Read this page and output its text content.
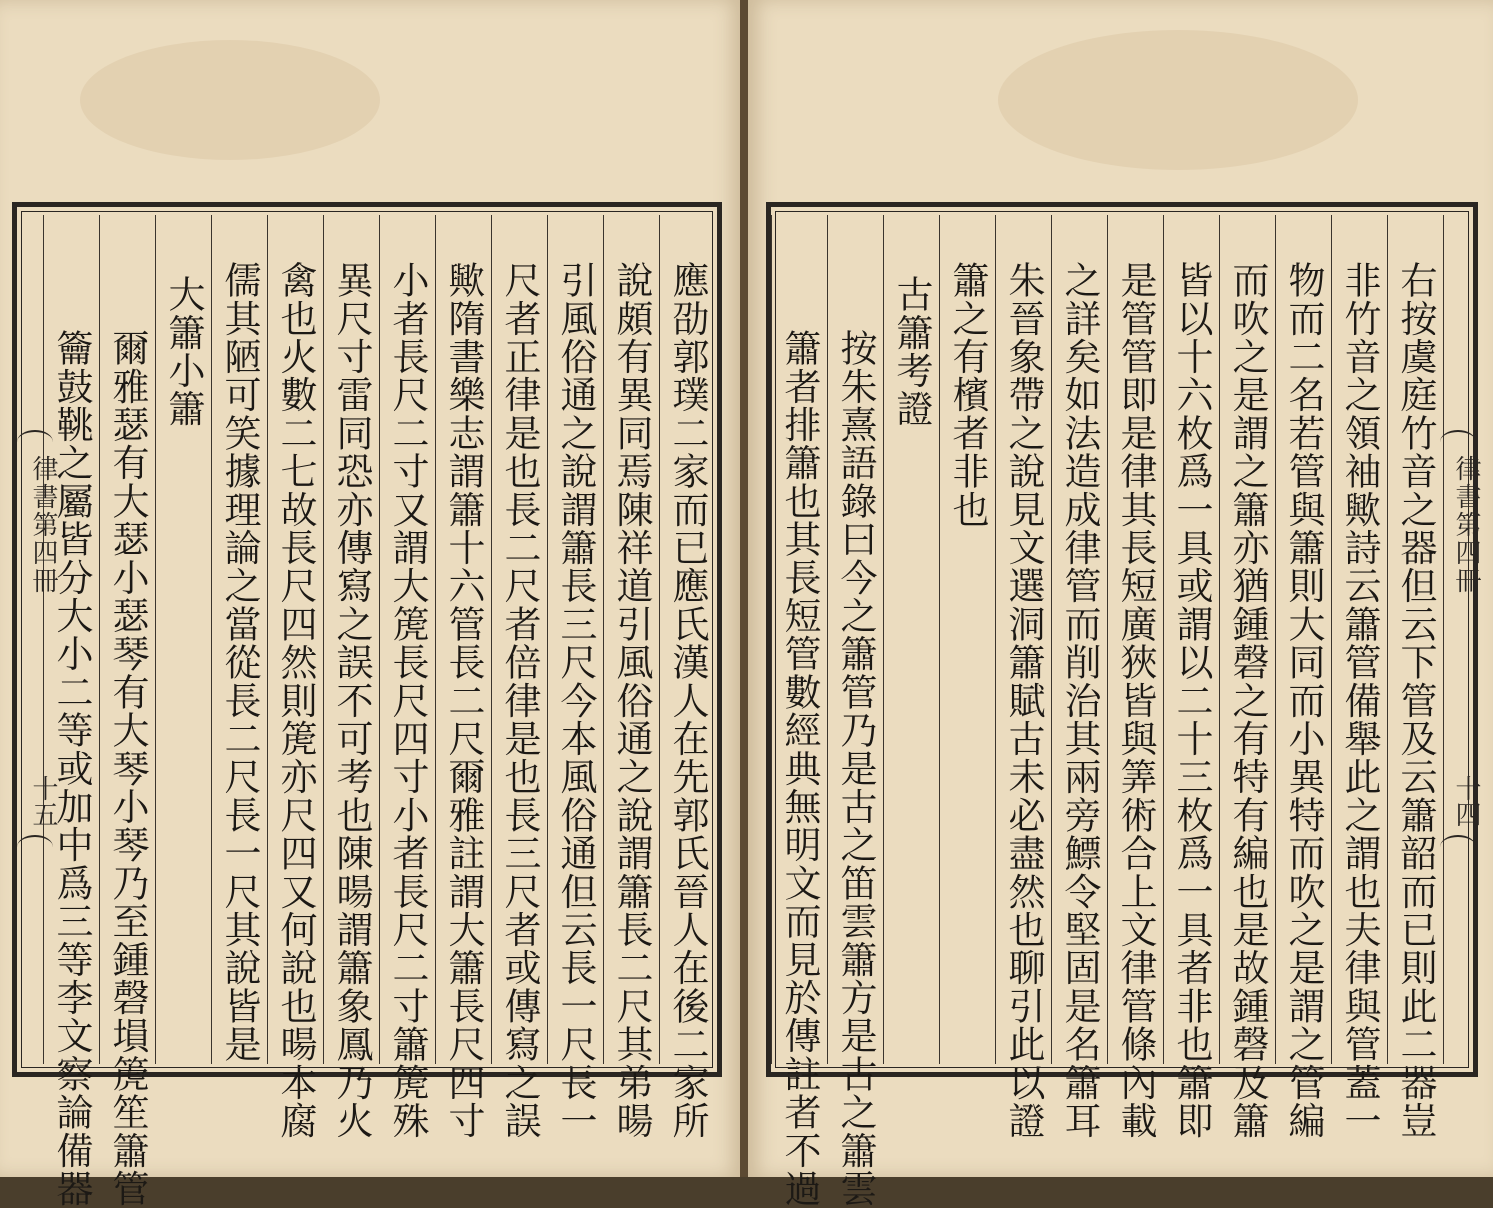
應劭郭璞二家而已應氏漢人在先郭氏晉人在後二家所
說頗有異同焉陳祥道引風俗通之說謂簫長二尺其弟暘
引風俗通之說謂簫長三尺今本風俗通但云長一尺長一
尺者正律是也長二尺者倍律是也長三尺者或傳寫之誤
歟隋書樂志謂簫十六管長二尺爾雅註謂大簫長尺四寸
小者長尺二寸又謂大箎長尺四寸小者長尺二寸簫箎殊
異尺寸雷同恐亦傳寫之誤不可考也陳暘謂簫象鳳乃火
禽也火數二七故長尺四然則箎亦尺四又何說也暘本腐
儒其陋可笑據理論之當從長二尺長一尺其說皆是
大簫小簫
爾雅瑟有大瑟小瑟琴有大琴小琴乃至鍾磬塤箎笙簫管
籥鼓鞉之屬皆分大小二等或加中爲三等李文察論備器
律書第四冊
十五
律書第四冊
十四
右按虞庭竹音之器但云下管及云簫韶而已則此二器豈
非竹音之領袖歟詩云簫管備舉此之謂也夫律與管蓋一
物而二名若管與簫則大同而小異特而吹之是謂之管編
而吹之是謂之簫亦猶鍾磬之有特有編也是故鍾磬及簫
皆以十六枚爲一具或謂以二十三枚爲一具者非也簫即
是管管即是律其長短廣狹皆與筭術合上文律管條內載
之詳矣如法造成律管而削治其兩旁鰾令堅固是名簫耳
朱晉象帶之說見文選洞簫賦古未必盡然也聊引此以證
簫之有檳者非也
古簫考證
按朱熹語錄曰今之簫管乃是古之笛雲簫方是古之簫雲
簫者排簫也其長短管數經典無明文而見於傳註者不過
